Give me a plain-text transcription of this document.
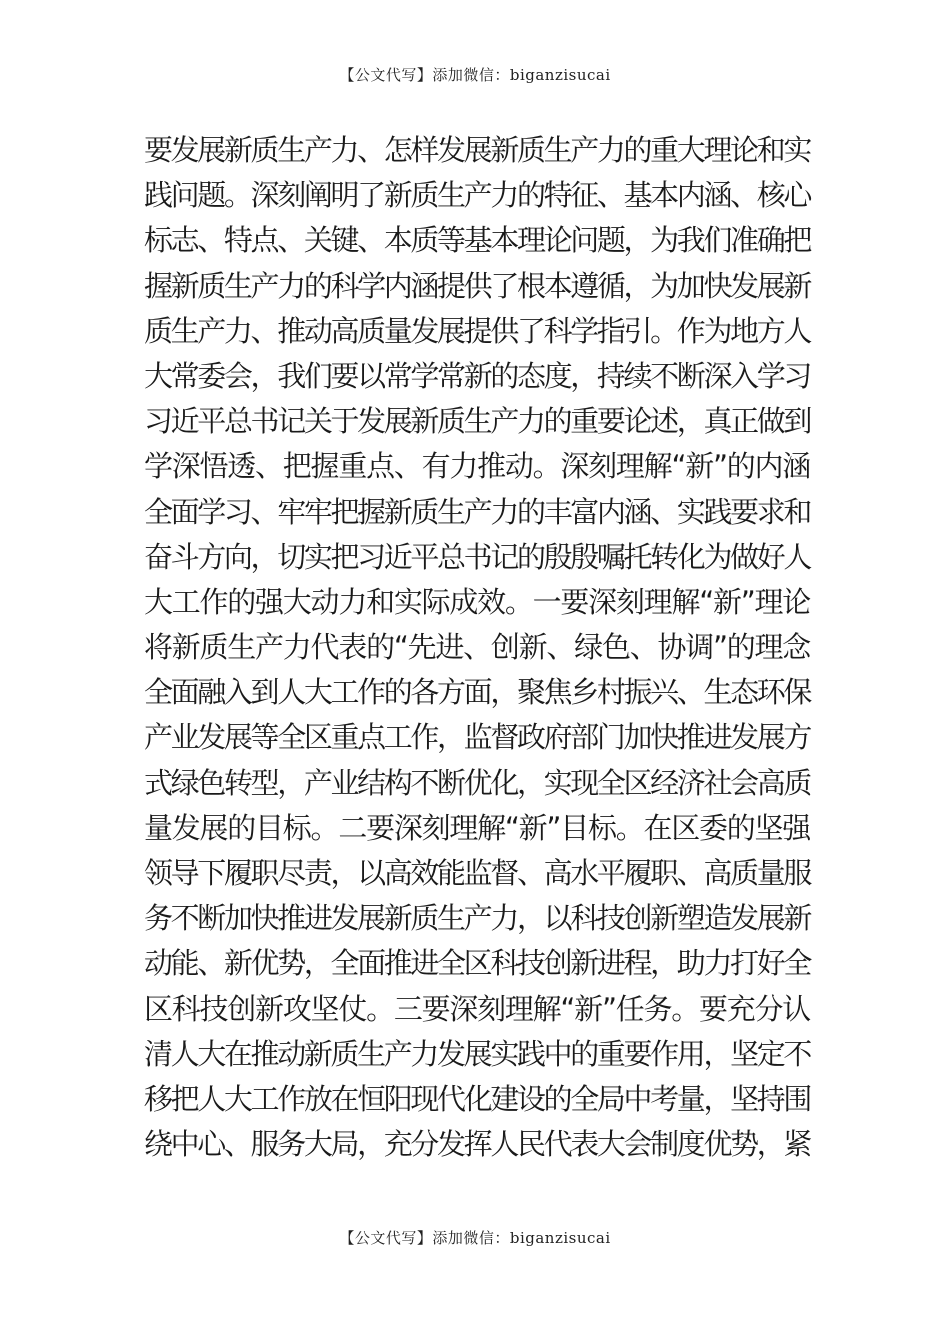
【公文代写】添加微信：biganzisucai
要发展新质生产力、怎样发展新质生产力的重大理论和实
践问题。深刻阐明了新质生产力的特征、基本内涵、核心
标志、特点、关键、本质等基本理论问题，为我们准确把
握新质生产力的科学内涵提供了根本遵循，为加快发展新
质生产力、推动高质量发展提供了科学指引。作为地方人
大常委会，我们要以常学常新的态度，持续不断深入学习
习近平总书记关于发展新质生产力的重要论述，真正做到
学深悟透、把握重点、有力推动。深刻理解“新”的内涵
全面学习、牢牢把握新质生产力的丰富内涵、实践要求和
奋斗方向，切实把习近平总书记的殷殷嘱托转化为做好人
大工作的强大动力和实际成效。一要深刻理解“新”理论
将新质生产力代表的“先进、创新、绿色、协调”的理念
全面融入到人大工作的各方面，聚焦乡村振兴、生态环保
产业发展等全区重点工作，监督政府部门加快推进发展方
式绿色转型，产业结构不断优化，实现全区经济社会高质
量发展的目标。二要深刻理解“新”目标。在区委的坚强
领导下履职尽责，以高效能监督、高水平履职、高质量服
务不断加快推进发展新质生产力，以科技创新塑造发展新
动能、新优势，全面推进全区科技创新进程，助力打好全
区科技创新攻坚仗。三要深刻理解“新”任务。要充分认
清人大在推动新质生产力发展实践中的重要作用，坚定不
移把人大工作放在恒阳现代化建设的全局中考量，坚持围
绕中心、服务大局，充分发挥人民代表大会制度优势，紧
【公文代写】添加微信：biganzisucai
